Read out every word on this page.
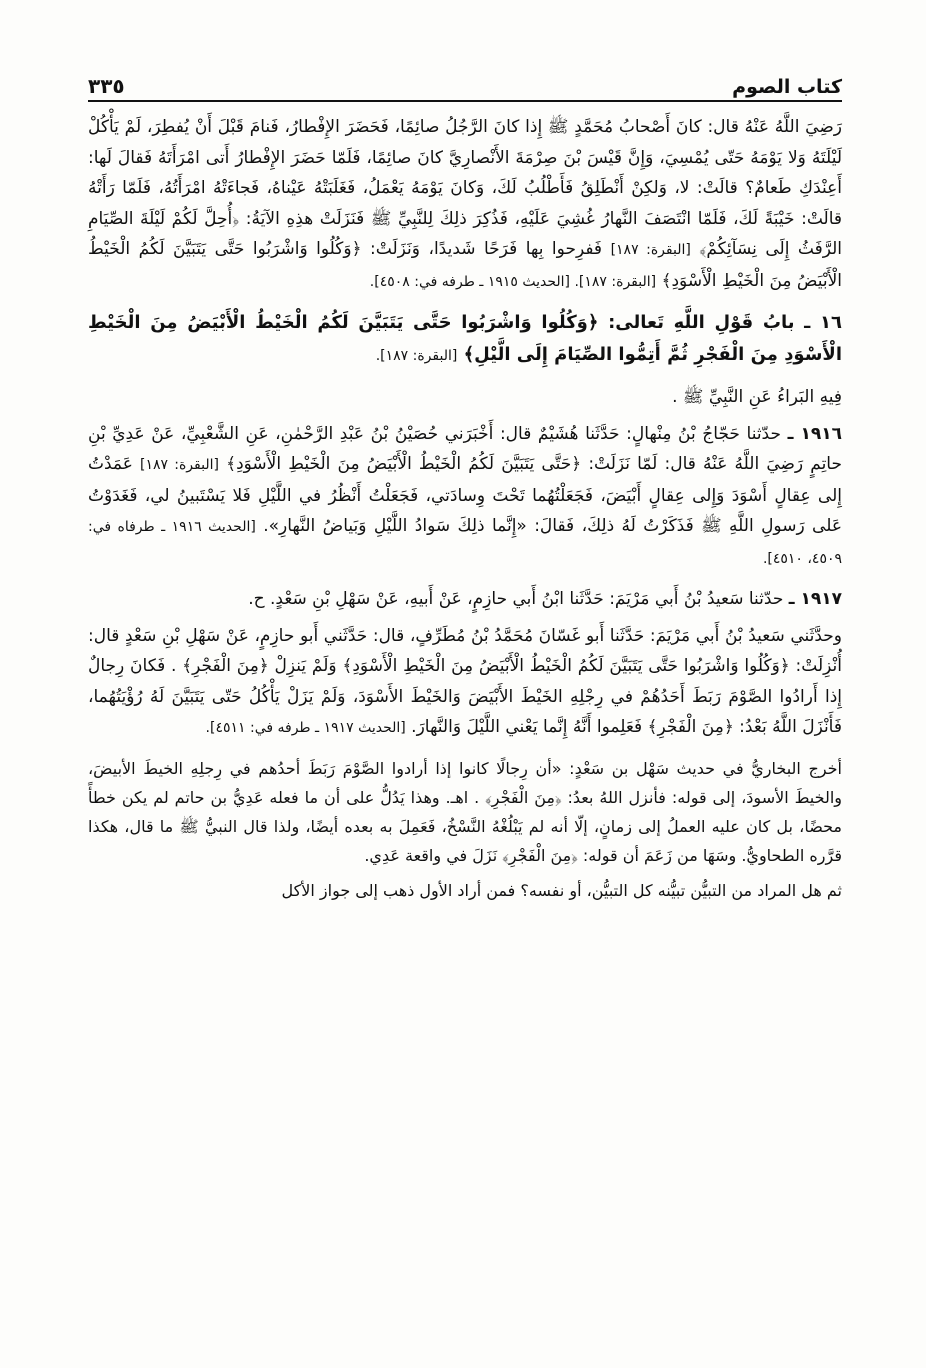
كتاب الصوم
٣٣٥

رَضِيَ اللَّهُ عَنْهُ قال: كانَ أَصْحابُ مُحَمَّدٍ ﷺ إِذا كانَ الرَّجُلُ صائِمًا، فَحَضَرَ الإِفْطارُ، فَنامَ قَبْلَ أَنْ يُفطِرَ، لَمْ يَأْكُلْ لَيْلَتَهُ وَلا يَوْمَهُ حَتّى يُمْسِيَ، وَإِنَّ قَيْسَ بْنَ صِرْمَةَ الأَنْصارِيَّ كانَ صائِمًا، فَلَمّا حَضَرَ الإِفْطارُ أَتى امْرَأَتَهُ فَقالَ لَها: أَعِنْدَكِ طَعامٌ؟ قالَتْ: لا، وَلكِنْ أَنْطَلِقُ فَأَطْلُبُ لَكَ، وَكانَ يَوْمَهُ يَعْمَلُ، فَغَلَبَتْهُ عَيْناهُ، فَجاءَتْهُ امْرَأَتُهُ، فَلَمّا رَأَتْهُ قالَتْ: خَيْبَةً لَكَ، فَلَمّا انْتَصَفَ النَّهارُ غُشِيَ عَلَيْهِ، فَذُكِرَ ذلِكَ لِلنَّبِيِّ ﷺ فَنَزَلَتْ هذِهِ الآيَةُ: ﴿أُحِلَّ لَكُمْ لَيْلَةَ الصِّيَامِ الرَّفَثُ إِلَى نِسَآئِكُمْ﴾ [البقرة: ١٨٧] فَفرِحوا بِها فَرَحًا شَديدًا، وَنَزَلَتْ: ﴿وَكُلُوا وَاشْرَبُوا حَتَّى يَتَبَيَّنَ لَكُمُ الْخَيْطُ الْأَبْيَضُ مِنَ الْخَيْطِ الْأَسْوَدِ﴾ [البقرة: ١٨٧]. [الحديث ١٩١٥ ـ طرفه في: ٤٥٠٨].

١٦ ـ بابُ قَوْلِ اللَّهِ تَعالى: ﴿وَكُلُوا وَاشْرَبُوا حَتَّى يَتَبَيَّنَ لَكُمُ الْخَيْطُ الْأَبْيَضُ مِنَ الْخَيْطِ الْأَسْوَدِ مِنَ الْفَجْرِ ثُمَّ أَتِمُّوا الصِّيَامَ إِلَى الَّيْلِ﴾ [البقرة: ١٨٧].

فِيهِ البَراءُ عَنِ النَّبِيِّ ﷺ .

١٩١٦ ـ حدّثنا حَجّاجُ بْنُ مِنْهالٍ: حَدَّثَنا هُشَيْمٌ قال: أَخْبَرَني حُصَيْنُ بْنُ عَبْدِ الرَّحْمٰنِ، عَنِ الشَّعْبِيِّ، عَنْ عَدِيِّ بْنِ حاتِمٍ رَضِيَ اللَّهُ عَنْهُ قال: لَمّا نَزَلَتْ: ﴿حَتَّى يَتَبَيَّنَ لَكُمُ الْخَيْطُ الْأَبْيَضُ مِنَ الْخَيْطِ الْأَسْوَدِ﴾ [البقرة: ١٨٧] عَمَدْتُ إِلى عِقالٍ أَسْوَدَ وَإِلى عِقالٍ أَبْيَضَ، فَجَعَلْتُهُما تَحْتَ وِسادَتي، فَجَعَلْتُ أَنْظُرُ في اللَّيْلِ فَلا يَسْتَبينُ لي، فَغَدَوْتُ عَلى رَسولِ اللَّهِ ﷺ فَذَكَرْتُ لَهُ ذلِكَ، فَقالَ: «إِنَّما ذلِكَ سَوادُ اللَّيْلِ وَبَياضُ النَّهارِ». [الحديث ١٩١٦ ـ طرفاه في: ٤٥٠٩، ٤٥١٠].

١٩١٧ ـ حدّثنا سَعيدُ بْنُ أَبي مَرْيَمَ: حَدَّثَنا ابْنُ أَبي حازِمٍ، عَنْ أَبيهِ، عَنْ سَهْلِ بْنِ سَعْدٍ. ح.

وحدَّثَني سَعيدُ بْنُ أَبي مَرْيَمَ: حَدَّثَنا أَبو غَسّانَ مُحَمَّدُ بْنُ مُطَرِّفٍ، قال: حَدَّثَني أَبو حازِمٍ، عَنْ سَهْلِ بْنِ سَعْدٍ قال: أُنْزِلَتْ: ﴿وَكُلُوا وَاشْرَبُوا حَتَّى يَتَبَيَّنَ لَكُمُ الْخَيْطُ الْأَبْيَضُ مِنَ الْخَيْطِ الْأَسْوَدِ﴾ وَلَمْ يَنزِلْ ﴿مِنَ الْفَجْرِ﴾ . فَكانَ رِجالٌ إِذا أَرادُوا الصَّوْمَ رَبَطَ أَحَدُهُمْ في رِجْلِهِ الخَيْطَ الأَبْيَضَ وَالخَيْطَ الأَسْوَدَ، وَلَمْ يَزَلْ يَأْكُلُ حَتّى يَتَبَيَّنَ لَهُ رُؤْيَتُهُما، فَأَنْزَلَ اللَّهُ بَعْدُ: ﴿مِنَ الْفَجْرِ﴾ فَعَلِموا أَنَّهُ إِنَّما يَعْني اللَّيْلَ وَالنَّهارَ. [الحديث ١٩١٧ ـ طرفه في: ٤٥١١].

أخرج البخاريُّ في حديث سَهْل بن سَعْدٍ: «أن رِجالًا كانوا إذا أرادوا الصَّوْمَ رَبَطَ أحدُهم في رِجلِهِ الخيطَ الأبيضَ، والخيطَ الأسودَ، إلى قوله: فأنزل اللهُ بعدُ: ﴿مِنَ الْفَجْرِ﴾ . اهـ. وهذا يَدُلُّ على أن ما فعله عَدِيُّ بن حاتم لم يكن خطأً محضًا، بل كان عليه العملُ إلى زمانٍ، إلّا أنه لم يَبْلُغْهُ النَّسْخُ، فَعَمِلَ به بعده أيضًا، ولذا قال النبيُّ ﷺ ما قال، هكذا قرَّره الطحاويُّ. وسَهَا من زَعَمَ أن قوله: ﴿مِنَ الْفَجْرِ﴾ نَزَلَ في واقعة عَدِي.

ثم هل المراد من التبيُّن تبيُّنه كل التبيُّن، أو نفسه؟ فمن أراد الأول ذهب إلى جواز الأكل
